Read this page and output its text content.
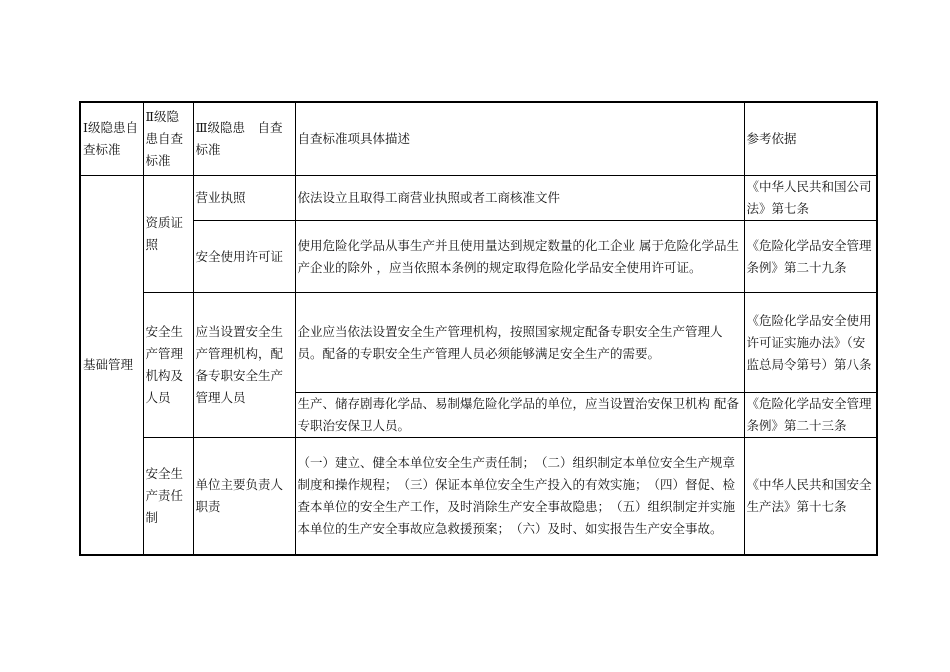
Ⅰ级隐患自查标准	Ⅱ级隐患自查标准	Ⅲ级隐患　自查标准	自查标准项具体描述	参考依据
基础管理	资质证照	营业执照	依法设立且取得工商营业执照或者工商核准文件	《中华人民共和国公司法》第七条
		安全使用许可证	使用危险化学品从事生产并且使用量达到规定数量的化工企业 属于危险化学品生产企业的除外 ，应当依照本条例的规定取得危险化学品安全使用许可证。	《危险化学品安全管理条例》第二十九条
	安全生产管理机构及人员	应当设置安全生产管理机构，配备专职安全生产管理人员	企业应当依法设置安全生产管理机构，按照国家规定配备专职安全生产管理人员。配备的专职安全生产管理人员必须能够满足安全生产的需要。	《危险化学品安全使用许可证实施办法》（安监总局令第号）第八条
			生产、储存剧毒化学品、易制爆危险化学品的单位，应当设置治安保卫机构 配备专职治安保卫人员。	《危险化学品安全管理条例》第二十三条
	安全生产责任制	单位主要负责人职责	（一）建立、健全本单位安全生产责任制；　（二）组织制定本单位安全生产规章制度和操作规程；　（三）保证本单位安全生产投入的有效实施；　（四）督促、检查本单位的安全生产工作，及时消除生产安全事故隐患；　（五）组织制定并实施本单位的生产安全事故应急救援预案；　（六）及时、如实报告生产安全事故。	《中华人民共和国安全生产法》第十七条
